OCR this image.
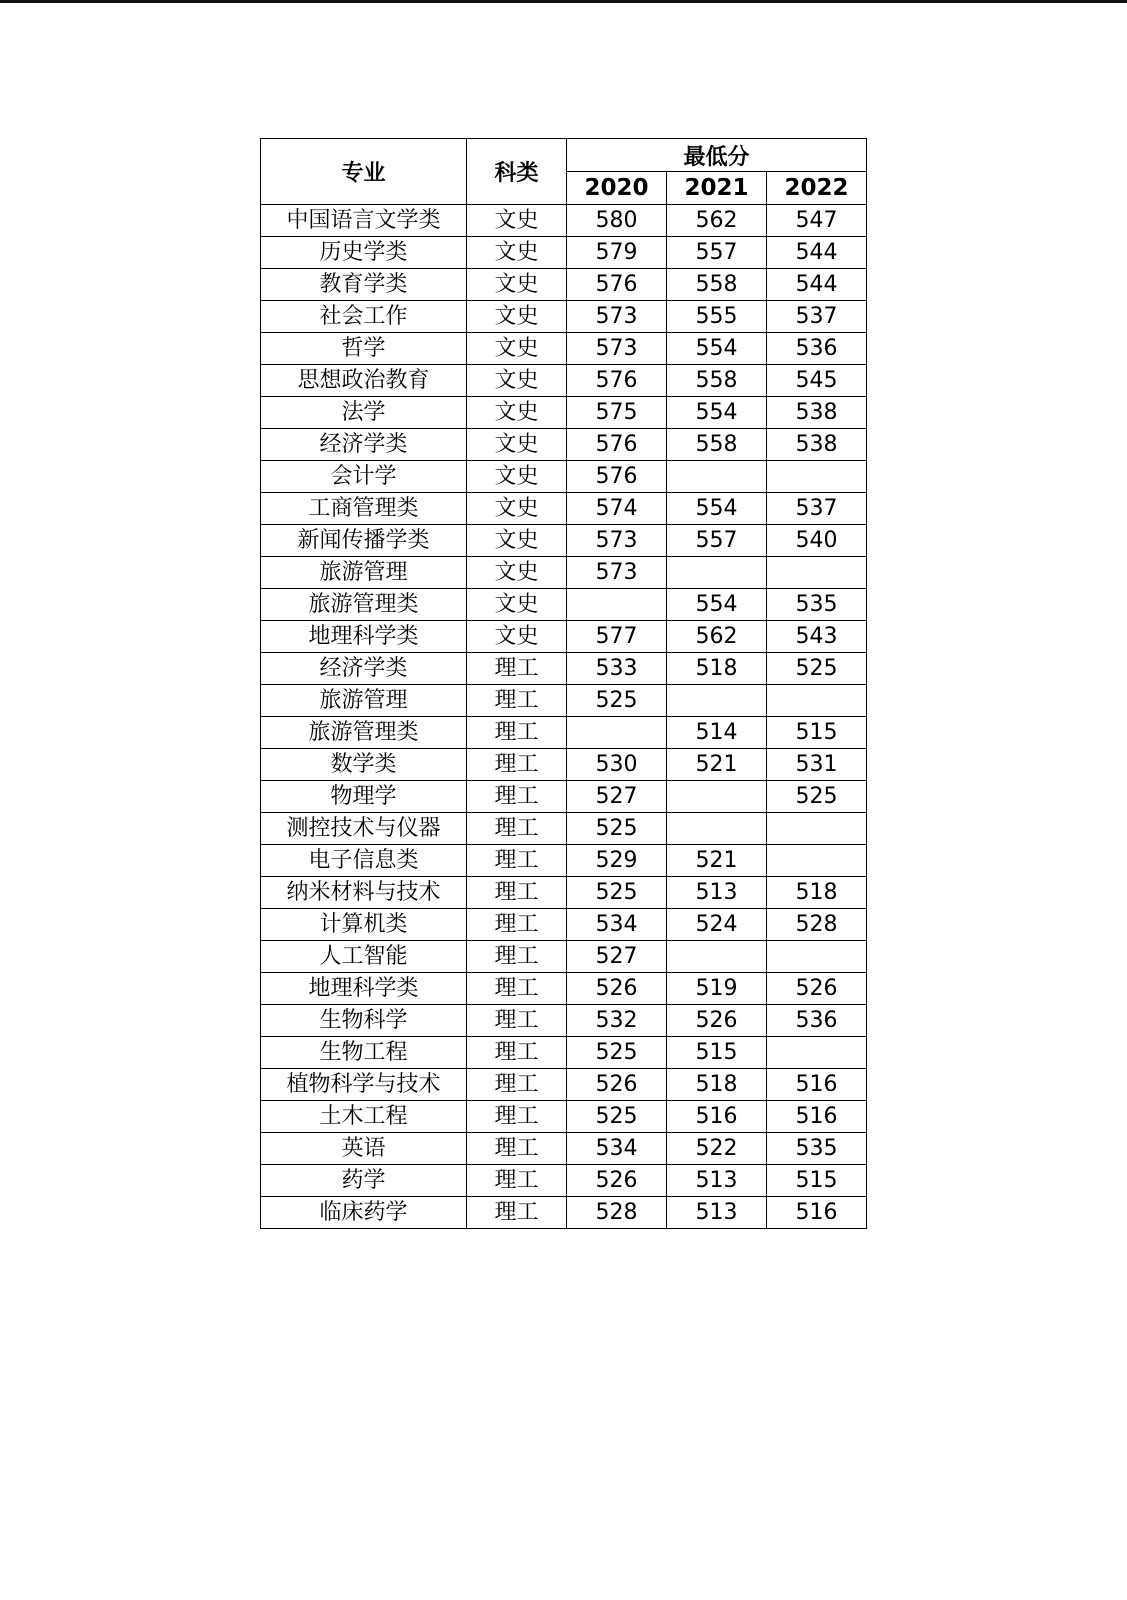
专业	科类	最低分		
		2020	2021	2022
中国语言文学类	文史	580	562	547
历史学类	文史	579	557	544
教育学类	文史	576	558	544
社会工作	文史	573	555	537
哲学	文史	573	554	536
思想政治教育	文史	576	558	545
法学	文史	575	554	538
经济学类	文史	576	558	538
会计学	文史	576		
工商管理类	文史	574	554	537
新闻传播学类	文史	573	557	540
旅游管理	文史	573		
旅游管理类	文史		554	535
地理科学类	文史	577	562	543
经济学类	理工	533	518	525
旅游管理	理工	525		
旅游管理类	理工		514	515
数学类	理工	530	521	531
物理学	理工	527		525
测控技术与仪器	理工	525		
电子信息类	理工	529	521	
纳米材料与技术	理工	525	513	518
计算机类	理工	534	524	528
人工智能	理工	527		
地理科学类	理工	526	519	526
生物科学	理工	532	526	536
生物工程	理工	525	515	
植物科学与技术	理工	526	518	516
土木工程	理工	525	516	516
英语	理工	534	522	535
药学	理工	526	513	515
临床药学	理工	528	513	516
